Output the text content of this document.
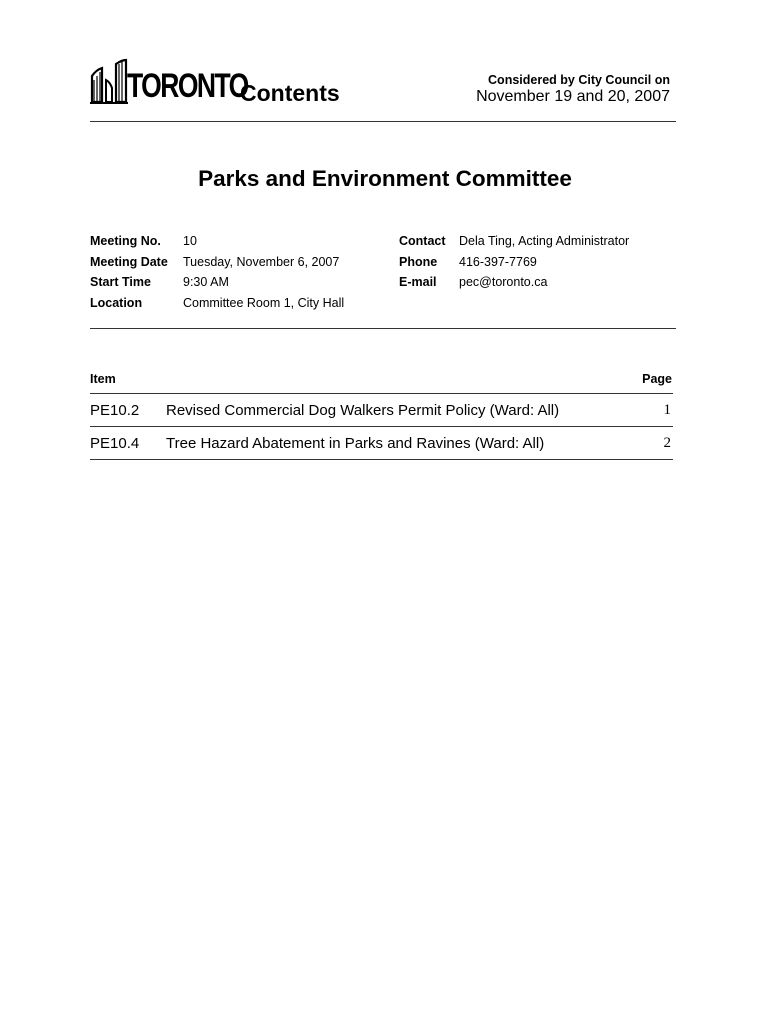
TORONTO
Contents	Considered by City Council on
November 19 and 20, 2007
Parks and Environment Committee
Meeting No. 10
Meeting Date Tuesday, November 6, 2007
Start Time	9:30 AM
Location	Committee Room 1, City Hall
Contact Dela Ting, Acting Administrator
Phone 416-397-7769
E-mail pec@toronto.ca
Item	Page
PE10.2 Revised Commercial Dog Walkers Permit Policy (Ward: All)	1
PE10.4 Tree Hazard Abatement in Parks and Ravines (Ward: All)	2
